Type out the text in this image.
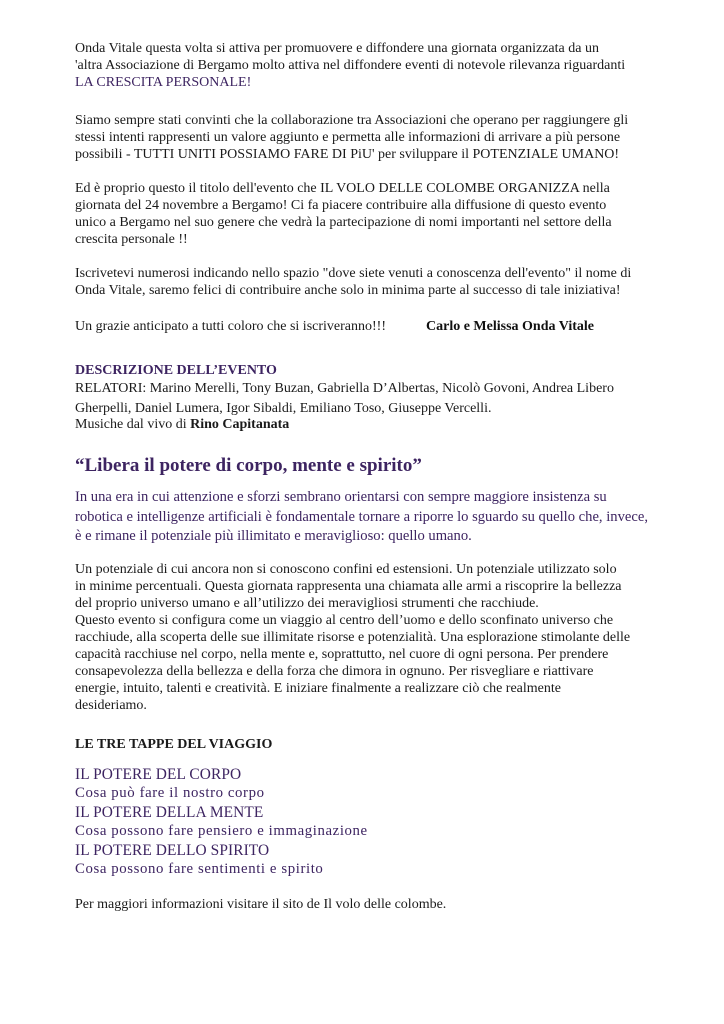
Onda Vitale questa volta si attiva per promuovere e diffondere una giornata organizzata da un
'altra Associazione di Bergamo molto attiva nel diffondere eventi di notevole rilevanza riguardanti
LA CRESCITA PERSONALE!
Siamo sempre stati convinti che la collaborazione tra Associazioni che operano per raggiungere gli
stessi intenti rappresenti un valore aggiunto e permetta alle informazioni di arrivare a più persone
possibili - TUTTI UNITI POSSIAMO FARE DI PiU' per sviluppare il POTENZIALE UMANO!
Ed è proprio questo il titolo dell'evento che IL VOLO DELLE COLOMBE ORGANIZZA nella
giornata del 24 novembre a Bergamo! Ci fa piacere contribuire alla diffusione di questo evento
unico a Bergamo nel suo genere che vedrà la partecipazione di nomi importanti nel settore della
crescita personale !!
Iscrivetevi numerosi indicando nello spazio "dove siete venuti a conoscenza dell'evento" il nome di
Onda Vitale, saremo felici di contribuire anche solo in minima parte al successo di tale iniziativa!
Un grazie anticipato a tutti coloro che si iscriveranno!!!	Carlo e Melissa Onda Vitale
DESCRIZIONE DELL’EVENTO
RELATORI: Marino Merelli, Tony Buzan, Gabriella D’Albertas, Nicolò Govoni, Andrea Libero
Gherpelli, Daniel Lumera, Igor Sibaldi, Emiliano Toso, Giuseppe Vercelli.
Musiche dal vivo di Rino Capitanata
“Libera il potere di corpo, mente e spirito”
In una era in cui attenzione e sforzi sembrano orientarsi con sempre maggiore insistenza su
robotica e intelligenze artificiali è fondamentale tornare a riporre lo sguardo su quello che, invece,
è e rimane il potenziale più illimitato e meraviglioso: quello umano.
Un potenziale di cui ancora non si conoscono confini ed estensioni. Un potenziale utilizzato solo
in minime percentuali. Questa giornata rappresenta una chiamata alle armi a riscoprire la bellezza
del proprio universo umano e all’utilizzo dei meravigliosi strumenti che racchiude.
Questo evento si configura come un viaggio al centro dell’uomo e dello sconfinato universo che
racchiude, alla scoperta delle sue illimitate risorse e potenzialità. Una esplorazione stimolante delle
capacità racchiuse nel corpo, nella mente e, soprattutto, nel cuore di ogni persona. Per prendere
consapevolezza della bellezza e della forza che dimora in ognuno. Per risvegliare e riattivare
energie, intuito, talenti e creatività. E iniziare finalmente a realizzare ciò che realmente
desideriamo.
LE TRE TAPPE DEL VIAGGIO
IL POTERE DEL CORPO
Cosa può fare il nostro corpo
IL POTERE DELLA MENTE
Cosa possono fare pensiero e immaginazione
IL POTERE DELLO SPIRITO
Cosa possono fare sentimenti e spirito
Per maggiori informazioni visitare il sito de Il volo delle colombe.
